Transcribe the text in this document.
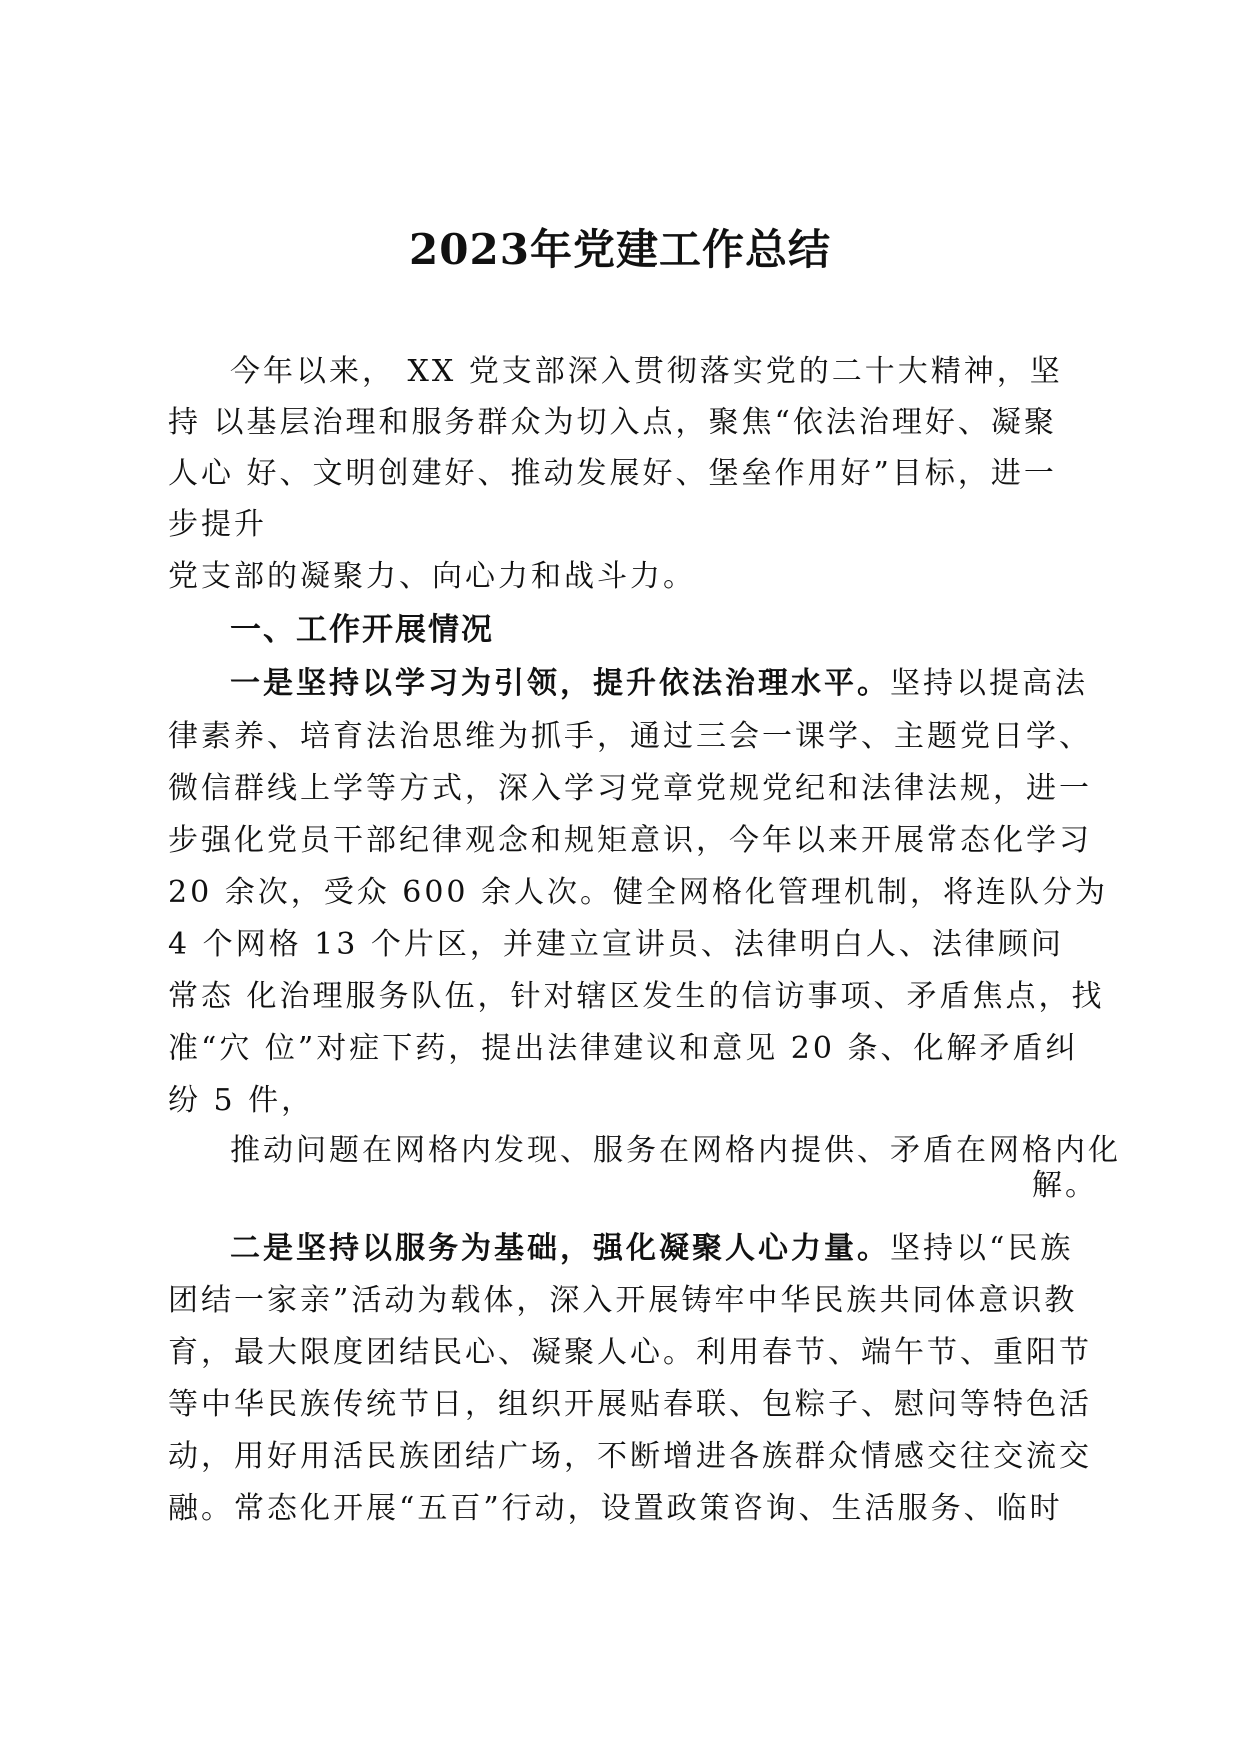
2023年党建工作总结
今年以来， XX 党支部深入贯彻落实党的二十大精神，坚
持 以基层治理和服务群众为切入点，聚焦“依法治理好、凝聚
人心 好、文明创建好、推动发展好、堡垒作用好”目标，进一
步提升
党支部的凝聚力、向心力和战斗力。
一、工作开展情况
一是坚持以学习为引领，提升依法治理水平。坚持以提高法
律素养、培育法治思维为抓手，通过三会一课学、主题党日学、
微信群线上学等方式，深入学习党章党规党纪和法律法规，进一
步强化党员干部纪律观念和规矩意识，今年以来开展常态化学习
20 余次，受众 600 余人次。健全网格化管理机制，将连队分为
4 个网格 13 个片区，并建立宣讲员、法律明白人、法律顾问
常态 化治理服务队伍，针对辖区发生的信访事项、矛盾焦点，找
准“穴 位”对症下药，提出法律建议和意见 20 条、化解矛盾纠
纷 5 件，
推动问题在网格内发现、服务在网格内提供、矛盾在网格内化
解。
二是坚持以服务为基础，强化凝聚人心力量。坚持以“民族
团结一家亲”活动为载体，深入开展铸牢中华民族共同体意识教
育，最大限度团结民心、凝聚人心。利用春节、端午节、重阳节
等中华民族传统节日，组织开展贴春联、包粽子、慰问等特色活
动，用好用活民族团结广场，不断增进各族群众情感交往交流交
融。常态化开展“五百”行动，设置政策咨询、生活服务、临时
